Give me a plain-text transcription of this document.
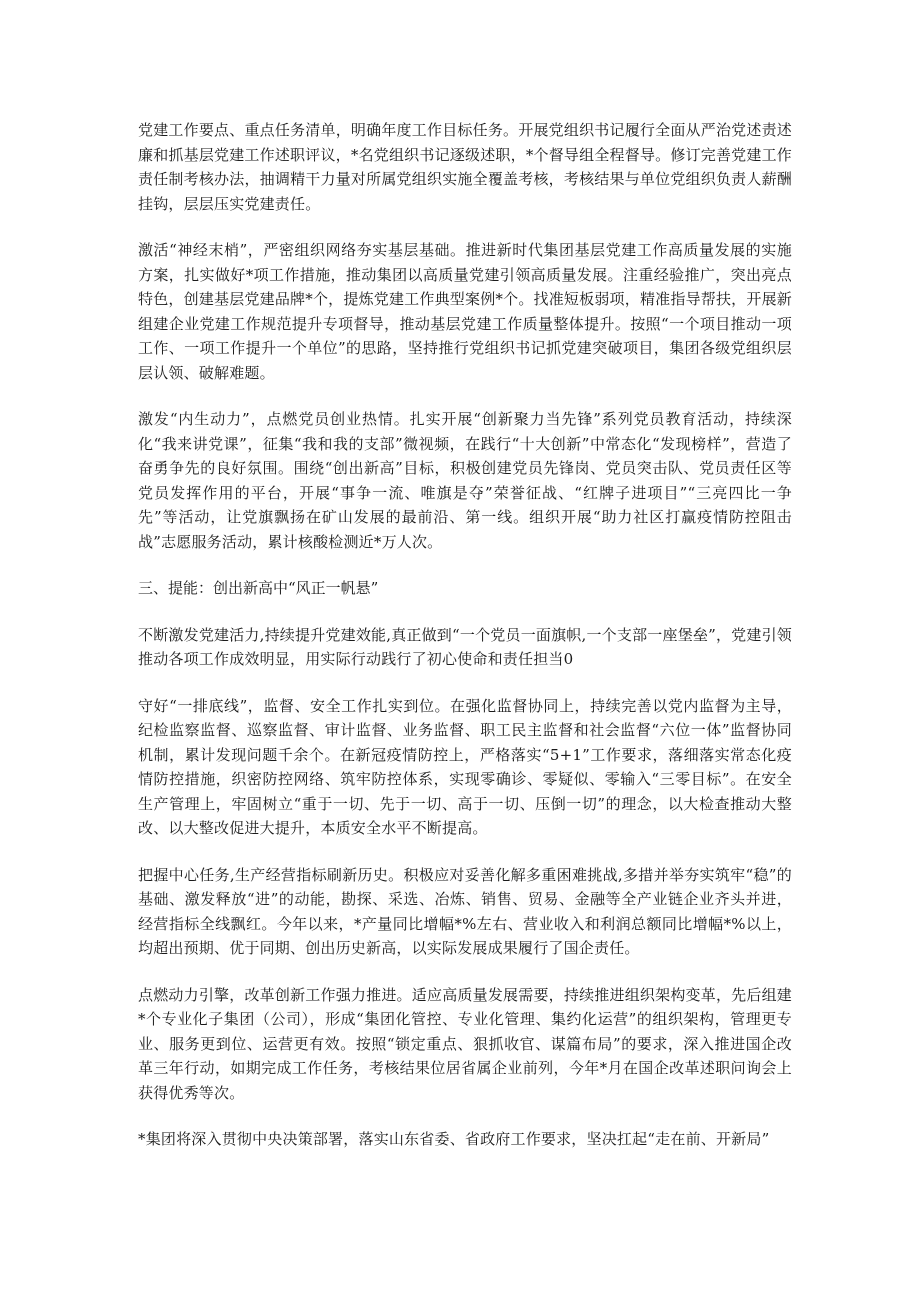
党建工作要点、重点任务清单，明确年度工作目标任务。开展党组织书记履行全面从严治党述责述廉和抓基层党建工作述职评议，*名党组织书记逐级述职，*个督导组全程督导。修订完善党建工作责任制考核办法，抽调精干力量对所属党组织实施全覆盖考核，考核结果与单位党组织负责人薪酬挂钩，层层压实党建责任。

激活“神经末梢”，严密组织网络夯实基层基础。推进新时代集团基层党建工作高质量发展的实施方案，扎实做好*项工作措施，推动集团以高质量党建引领高质量发展。注重经验推广，突出亮点特色，创建基层党建品牌*个，提炼党建工作典型案例*个。找准短板弱项，精准指导帮扶，开展新组建企业党建工作规范提升专项督导，推动基层党建工作质量整体提升。按照“一个项目推动一项工作、一项工作提升一个单位”的思路，坚持推行党组织书记抓党建突破项目，集团各级党组织层层认领、破解难题。

激发“内生动力”，点燃党员创业热情。扎实开展“创新聚力当先锋”系列党员教育活动，持续深化“我来讲党课”，征集“我和我的支部”微视频，在践行“十大创新”中常态化“发现榜样”，营造了奋勇争先的良好氛围。围绕“创出新高”目标，积极创建党员先锋岗、党员突击队、党员责任区等党员发挥作用的平台，开展“事争一流、唯旗是夺”荣誉征战、“红牌子进项目”“三亮四比一争先”等活动，让党旗飘扬在矿山发展的最前沿、第一线。组织开展“助力社区打赢疫情防控阻击战”志愿服务活动，累计核酸检测近*万人次。

三、提能：创出新高中“风正一帆悬”

不断激发党建活力,持续提升党建效能,真正做到“一个党员一面旗帜,一个支部一座堡垒”，党建引领推动各项工作成效明显，用实际行动践行了初心使命和责任担当0

守好“一排底线”，监督、安全工作扎实到位。在强化监督协同上，持续完善以党内监督为主导，纪检监察监督、巡察监督、审计监督、业务监督、职工民主监督和社会监督“六位一体”监督协同机制，累计发现问题千余个。在新冠疫情防控上，严格落实“5+1”工作要求，落细落实常态化疫情防控措施，织密防控网络、筑牢防控体系，实现零确诊、零疑似、零输入“三零目标”。在安全生产管理上，牢固树立“重于一切、先于一切、高于一切、压倒一切”的理念，以大检查推动大整改、以大整改促进大提升，本质安全水平不断提高。

把握中心任务,生产经营指标刷新历史。积极应对妥善化解多重困难挑战,多措并举夯实筑牢“稳”的基础、激发释放“进”的动能，勘探、采选、冶炼、销售、贸易、金融等全产业链企业齐头并进，经营指标全线飘红。今年以来，*产量同比增幅*%左右、营业收入和利润总额同比增幅*%以上，均超出预期、优于同期、创出历史新高，以实际发展成果履行了国企责任。

点燃动力引擎，改革创新工作强力推进。适应高质量发展需要，持续推进组织架构变革，先后组建*个专业化子集团（公司），形成“集团化管控、专业化管理、集约化运营”的组织架构，管理更专业、服务更到位、运营更有效。按照“锁定重点、狠抓收官、谋篇布局”的要求，深入推进国企改革三年行动，如期完成工作任务，考核结果位居省属企业前列，今年*月在国企改革述职问询会上获得优秀等次。

*集团将深入贯彻中央决策部署，落实山东省委、省政府工作要求，坚决扛起“走在前、开新局”
